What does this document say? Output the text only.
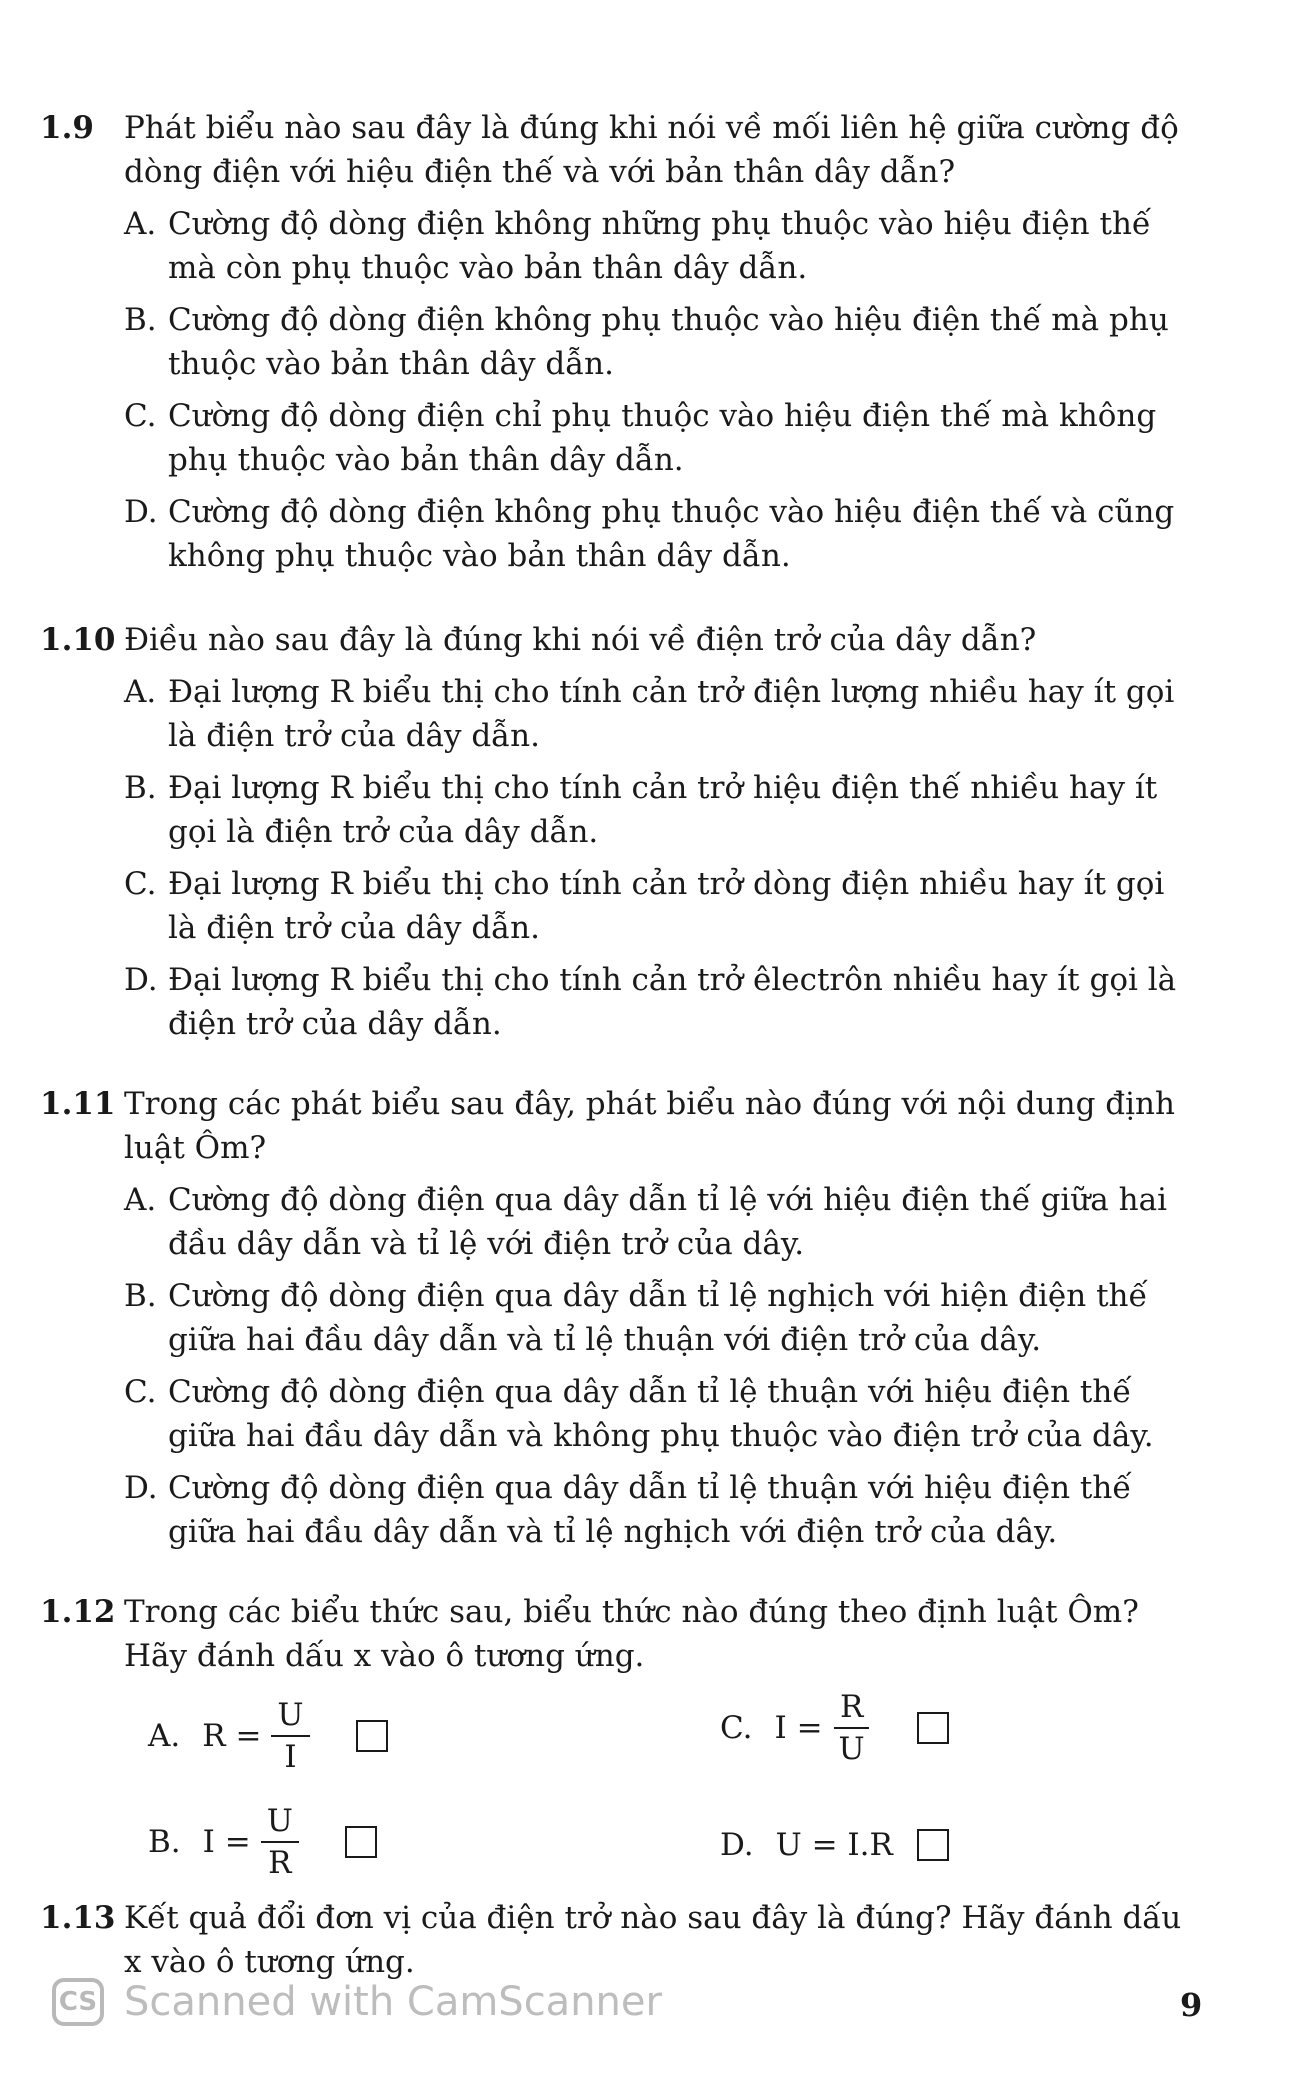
1.9 Phát biểu nào sau đây là đúng khi nói về mối liên hệ giữa cường độ dòng điện với hiệu điện thế và với bản thân dây dẫn?
A. Cường độ dòng điện không những phụ thuộc vào hiệu điện thế mà còn phụ thuộc vào bản thân dây dẫn.
B. Cường độ dòng điện không phụ thuộc vào hiệu điện thế mà phụ thuộc vào bản thân dây dẫn.
C. Cường độ dòng điện chỉ phụ thuộc vào hiệu điện thế mà không phụ thuộc vào bản thân dây dẫn.
D. Cường độ dòng điện không phụ thuộc vào hiệu điện thế và cũng không phụ thuộc vào bản thân dây dẫn.
1.10 Điều nào sau đây là đúng khi nói về điện trở của dây dẫn?
A. Đại lượng R biểu thị cho tính cản trở điện lượng nhiều hay ít gọi là điện trở của dây dẫn.
B. Đại lượng R biểu thị cho tính cản trở hiệu điện thế nhiều hay ít gọi là điện trở của dây dẫn.
C. Đại lượng R biểu thị cho tính cản trở dòng điện nhiều hay ít gọi là điện trở của dây dẫn.
D. Đại lượng R biểu thị cho tính cản trở êlectrôn nhiều hay ít gọi là điện trở của dây dẫn.
1.11 Trong các phát biểu sau đây, phát biểu nào đúng với nội dung định luật Ôm?
A. Cường độ dòng điện qua dây dẫn tỉ lệ với hiệu điện thế giữa hai đầu dây dẫn và tỉ lệ với điện trở của dây.
B. Cường độ dòng điện qua dây dẫn tỉ lệ nghịch với hiện điện thế giữa hai đầu dây dẫn và tỉ lệ thuận với điện trở của dây.
C. Cường độ dòng điện qua dây dẫn tỉ lệ thuận với hiệu điện thế giữa hai đầu dây dẫn và không phụ thuộc vào điện trở của dây.
D. Cường độ dòng điện qua dây dẫn tỉ lệ thuận với hiệu điện thế giữa hai đầu dây dẫn và tỉ lệ nghịch với điện trở của dây.
1.12 Trong các biểu thức sau, biểu thức nào đúng theo định luật Ôm? Hãy đánh dấu x vào ô tương ứng.
A. $R = \frac{U}{I}$	C. $I = \frac{R}{U}$
B. $I = \frac{U}{R}$	D. U = I.R
1.13 Kết quả đổi đơn vị của điện trở nào sau đây là đúng? Hãy đánh dấu x vào ô tương ứng.
CS Scanned with CamScanner	9
